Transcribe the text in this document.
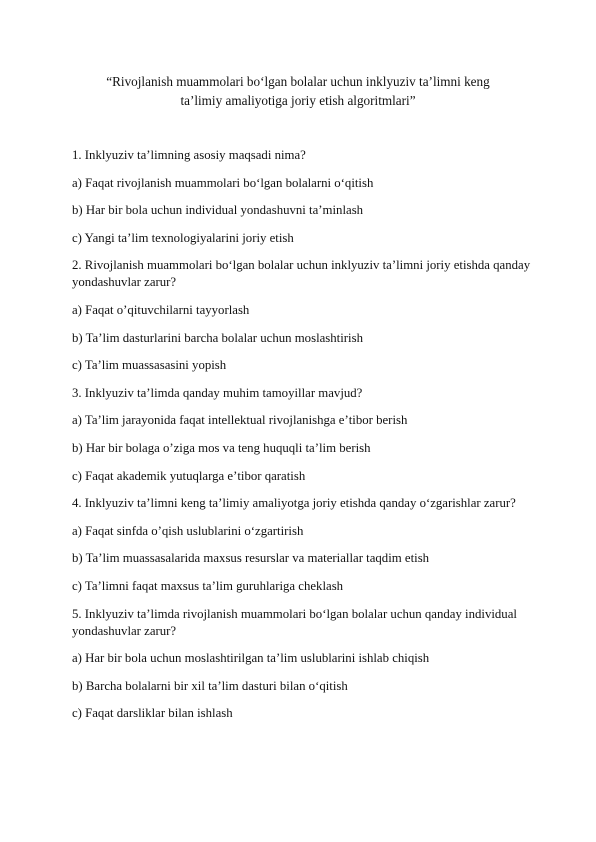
“Rivojlanish muammolari boʻlgan bolalar uchun inklyuziv taʼlimni keng
taʼlimiy amaliyotiga joriy etish algoritmlari”
1. Inklyuziv taʼlimning asosiy maqsadi nima?
a) Faqat rivojlanish muammolari boʻlgan bolalarni oʻqitish
b) Har bir bola uchun individual yondashuvni taʼminlash
c) Yangi taʼlim texnologiyalarini joriy etish
2. Rivojlanish muammolari boʻlgan bolalar uchun inklyuziv taʼlimni joriy etishda qanday yondashuvlar zarur?
a) Faqat oʼqituvchilarni tayyorlash
b) Taʼlim dasturlarini barcha bolalar uchun moslashtirish
c) Taʼlim muassasasini yopish
3. Inklyuziv taʼlimda qanday muhim tamoyillar mavjud?
a) Taʼlim jarayonida faqat intellektual rivojlanishga eʼtibor berish
b) Har bir bolaga oʼziga mos va teng huquqli taʼlim berish
c) Faqat akademik yutuqlarga eʼtibor qaratish
4. Inklyuziv taʼlimni keng taʼlimiy amaliyotga joriy etishda qanday oʻzgarishlar zarur?
a) Faqat sinfda oʼqish uslublarini oʻzgartirish
b) Taʼlim muassasalarida maxsus resurslar va materiallar taqdim etish
c) Taʼlimni faqat maxsus taʼlim guruhlariga cheklash
5. Inklyuziv taʼlimda rivojlanish muammolari boʻlgan bolalar uchun qanday individual yondashuvlar zarur?
a) Har bir bola uchun moslashtirilgan taʼlim uslublarini ishlab chiqish
b) Barcha bolalarni bir xil taʼlim dasturi bilan oʻqitish
c) Faqat darsliklar bilan ishlash
